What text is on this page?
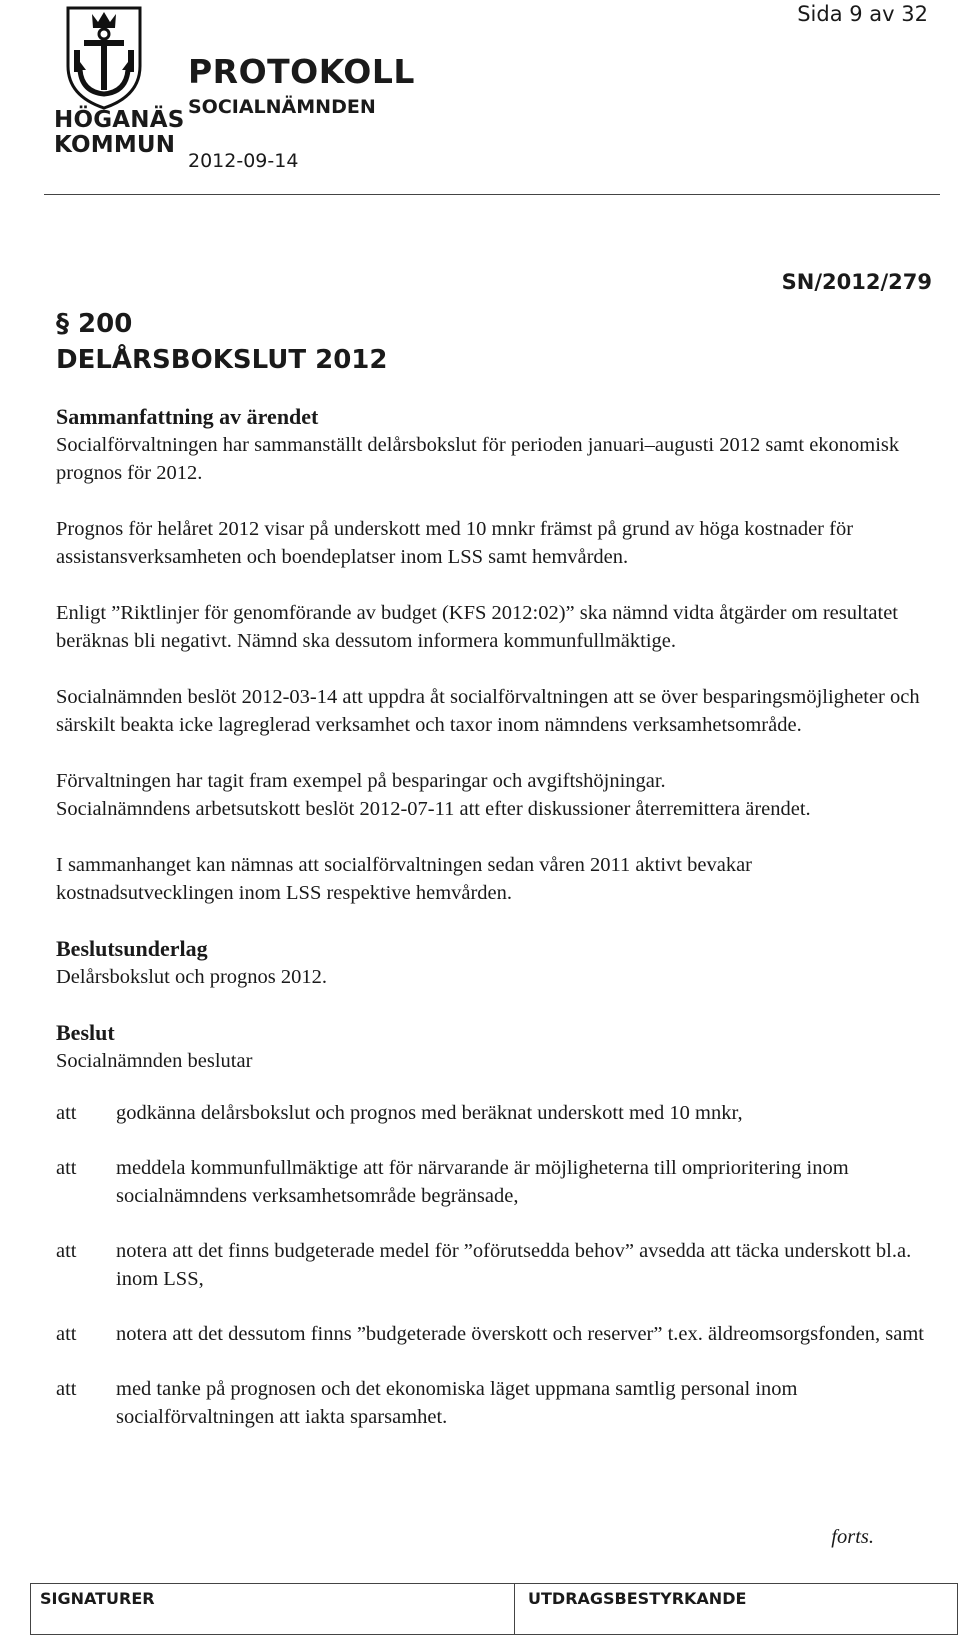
HÖGANÄS
KOMMUN
Sida 9 av 32
PROTOKOLL
SOCIALNÄMNDEN
2012-09-14
SN/2012/279
§ 200
DELÅRSBOKSLUT 2012
Sammanfattning av ärendet

Socialförvaltningen har sammanställt delårsbokslut för perioden januari–augusti 2012 samt ekonomisk prognos för 2012.

Prognos för helåret 2012 visar på underskott med 10 mnkr främst på grund av höga kostnader för assistansverksamheten och boendeplatser inom LSS samt hemvården.

Enligt ”Riktlinjer för genomförande av budget (KFS 2012:02)” ska nämnd vidta åtgärder om resultatet beräknas bli negativt. Nämnd ska dessutom informera kommunfullmäktige.

Socialnämnden beslöt 2012-03-14 att uppdra åt socialförvaltningen att se över besparingsmöjligheter och särskilt beakta icke lagreglerad verksamhet och taxor inom nämndens verksamhetsområde.

Förvaltningen har tagit fram exempel på besparingar och avgiftshöjningar.

Socialnämndens arbetsutskott beslöt 2012-07-11 att efter diskussioner återremittera ärendet.

I sammanhanget kan nämnas att socialförvaltningen sedan våren 2011 aktivt bevakar kostnadsutvecklingen inom LSS respektive hemvården.

Beslutsunderlag

Delårsbokslut och prognos 2012.

Beslut

Socialnämnden beslutar

att	godkänna delårsbokslut och prognos med beräknat underskott med 10 mnkr,
att	meddela kommunfullmäktige att för närvarande är möjligheterna till omprioritering inom socialnämndens verksamhetsområde begränsade,
att	notera att det finns budgeterade medel för ”oförutsedda behov” avsedda att täcka underskott bl.a. inom LSS,
att	notera att det dessutom finns ”budgeterade överskott och reserver” t.ex. äldreomsorgsfonden, samt
att	med tanke på prognosen och det ekonomiska läget uppmana samtlig personal inom socialförvaltningen att iakta sparsamhet.
forts.
SIGNATURER	UTDRAGSBESTYRKANDE
